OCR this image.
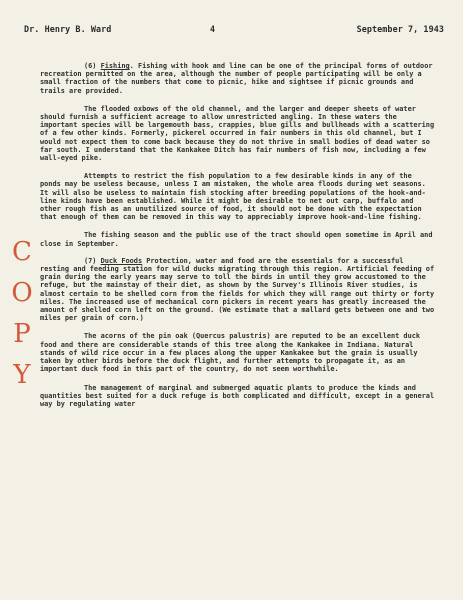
Dr. Henry B. Ward	4	September 7, 1943
C
O
P
Y

(6) Fishing. Fishing with hook and line can be one of the principal forms of outdoor recreation permitted on the area, although the number of people participating will be only a small fraction of the numbers that come to picnic, hike and sightsee if picnic grounds and trails are provided.

The flooded oxbows of the old channel, and the larger and deeper sheets of water should furnish a sufficient acreage to allow unrestricted angling. In these waters the important species will be largemouth bass, crappies, blue gills and bullheads with a scattering of a few other kinds. Formerly, pickerel occurred in fair numbers in this old channel, but I would not expect them to come back because they do not thrive in small bodies of dead water so far south. I understand that the Kankakee Ditch has fair numbers of fish now, including a few wall-eyed pike.

Attempts to restrict the fish population to a few desirable kinds in any of the ponds may be useless because, unless I am mistaken, the whole area floods during wet seasons. It will also be useless to maintain fish stocking after breeding populations of the hook-and-line kinds have been established. While it might be desirable to net out carp, buffalo and other rough fish as an unutilized source of food, it should not be done with the expectation that enough of them can be removed in this way to appreciably improve hook-and-line fishing.

The fishing season and the public use of the tract should open sometime in April and close in September.

(7) Duck Foods Protection, water and food are the essentials for a successful resting and feeding station for wild ducks migrating through this region. Artificial feeding of grain during the early years may serve to toll the birds in until they grow accustomed to the refuge, but the mainstay of their diet, as shown by the Survey's Illinois River studies, is almost certain to be shelled corn from the fields for which they will range out thirty or forty miles. The increased use of mechanical corn pickers in recent years has greatly increased the amount of shelled corn left on the ground. (We estimate that a mallard gets between one and two miles per grain of corn.)

The acorns of the pin oak (Quercus palustris) are reputed to be an excellent duck food and there are considerable stands of this tree along the Kankakee in Indiana. Natural stands of wild rice occur in a few places along the upper Kankakee but the grain is usually taken by other birds before the duck flight, and further attempts to propagate it, as an important duck food in this part of the country, do not seem worthwhile.

The management of marginal and submerged aquatic plants to produce the kinds and quantities best suited for a duck refuge is both complicated and difficult, except in a general way by regulating water
